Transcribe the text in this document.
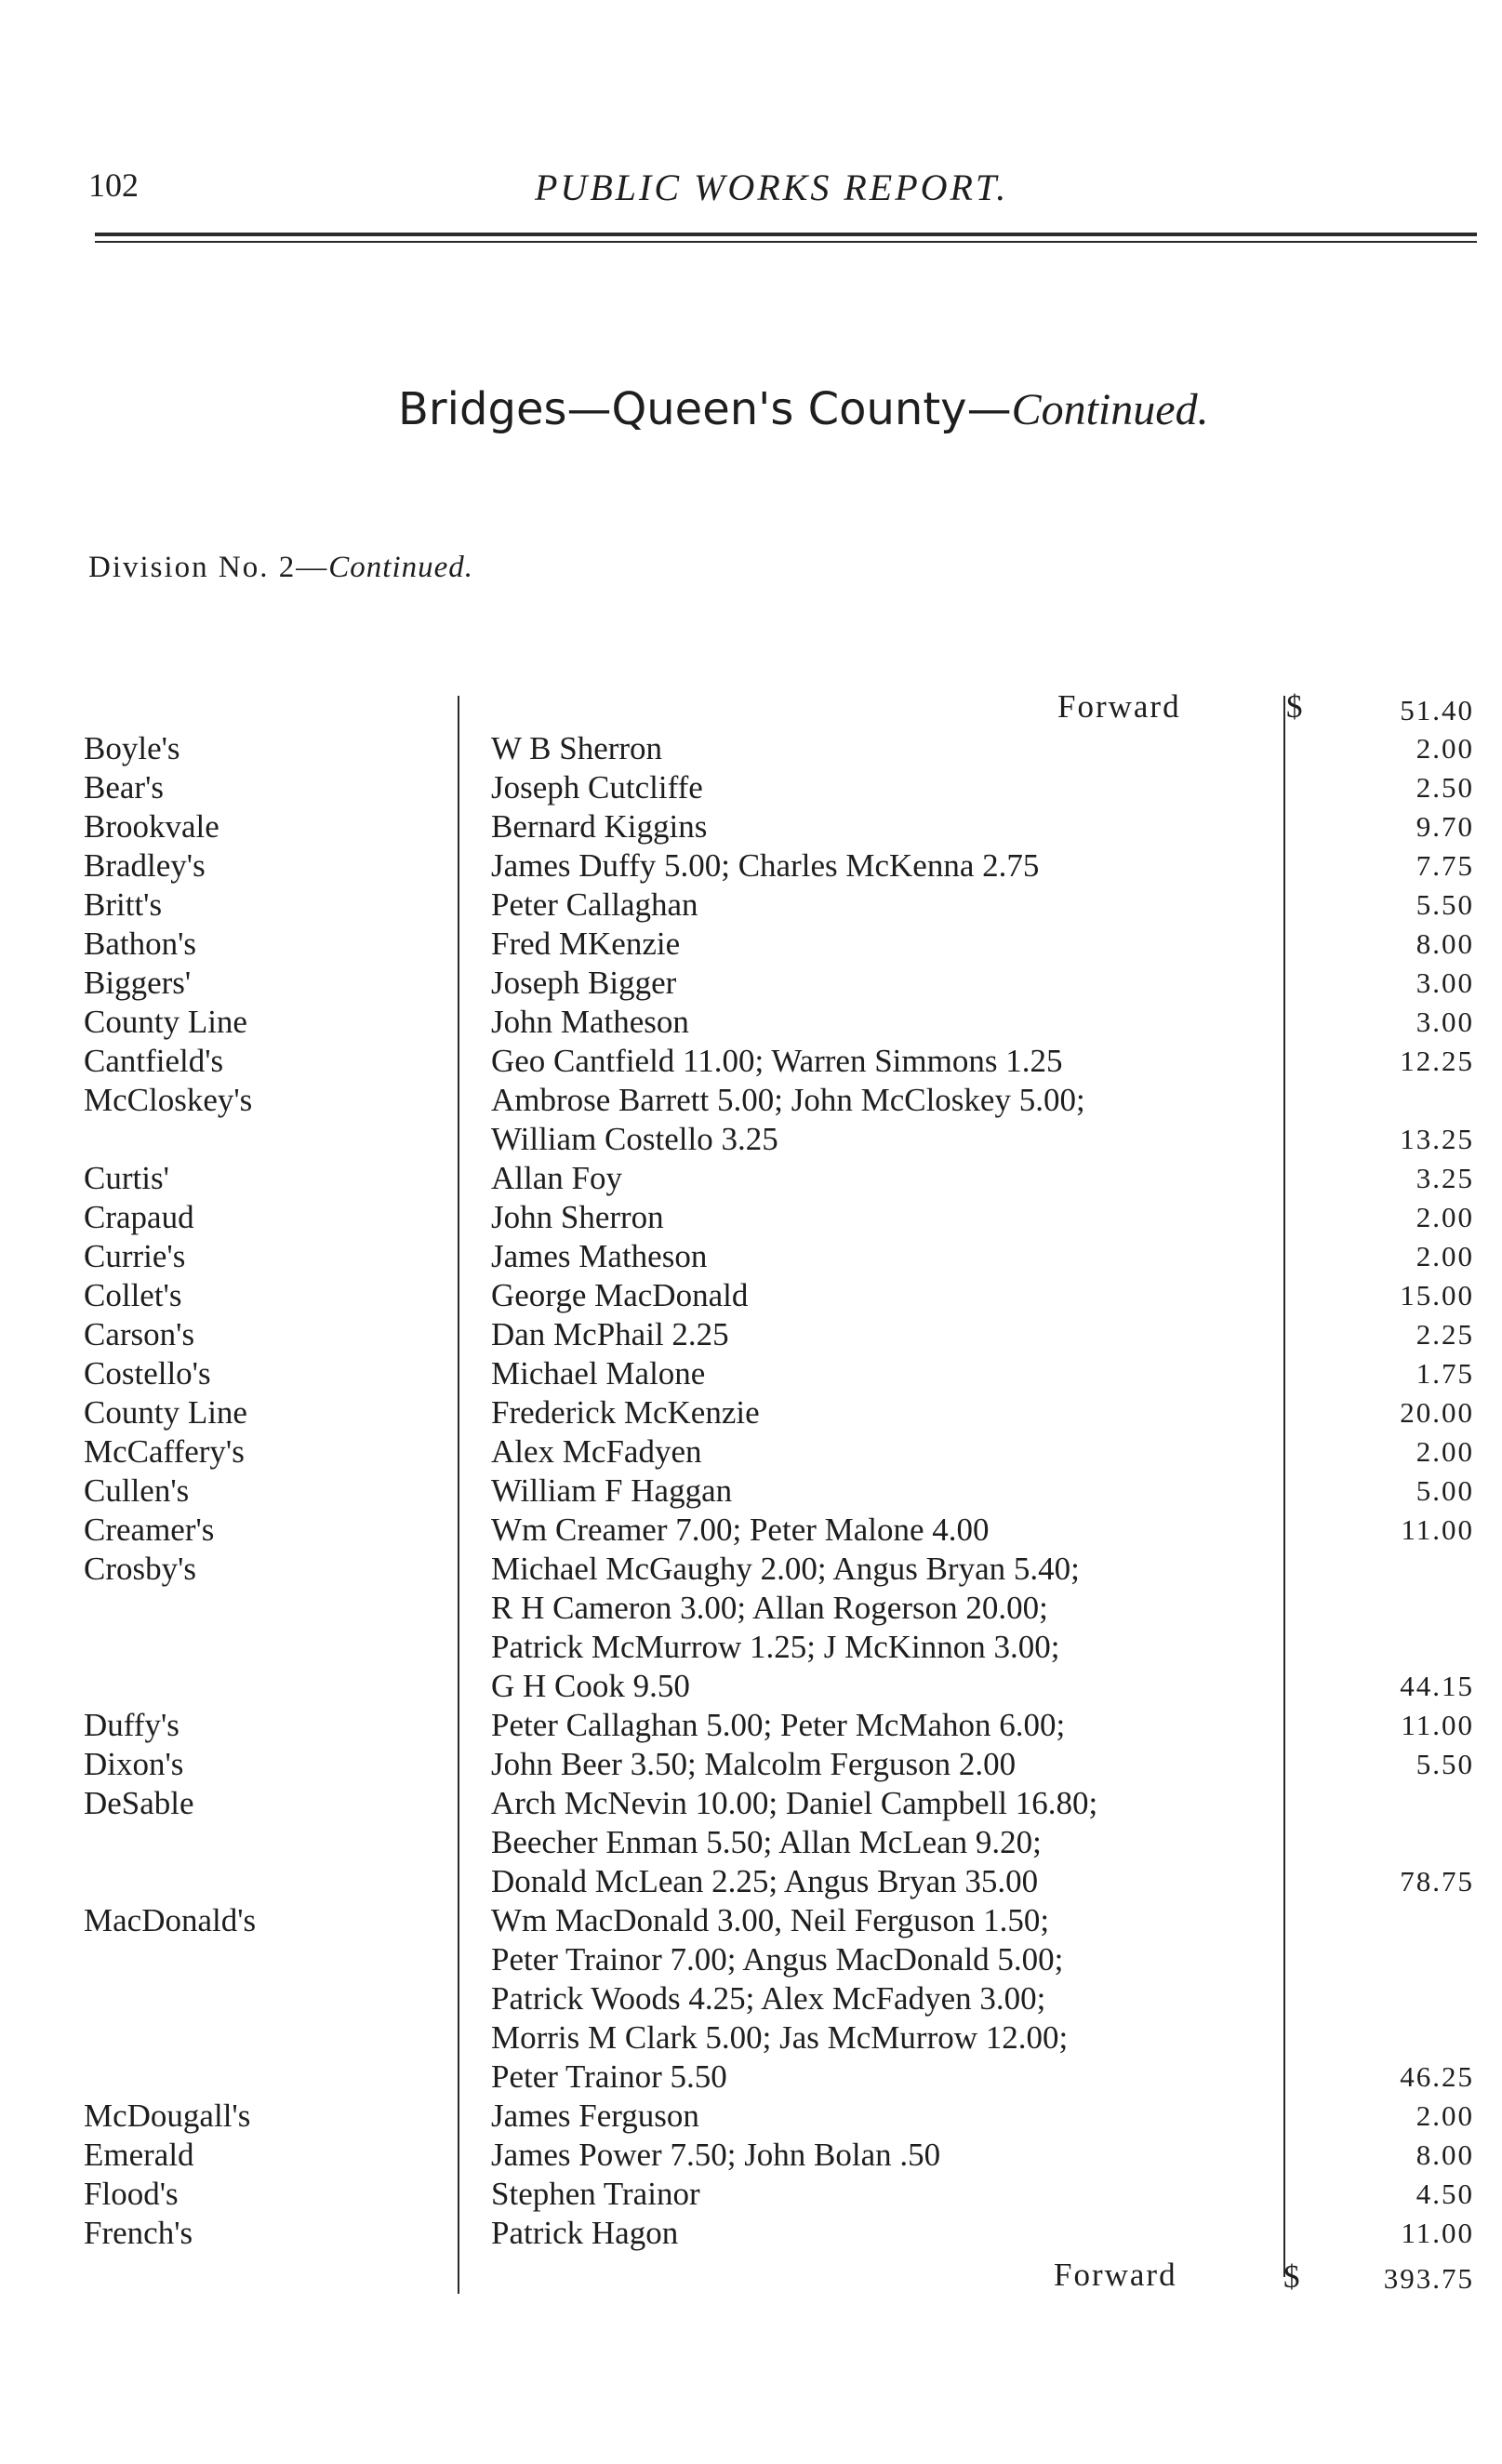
102	PUBLIC WORKS REPORT.
Bridges—Queen's County—Continued.
Division No. 2—Continued.
Forward	$	51.40
Boyle's	W B Sherron	2.00
Bear's	Joseph Cutcliffe	2.50
Brookvale	Bernard Kiggins	9.70
Bradley's	James Duffy 5.00; Charles McKenna 2.75	7.75
Britt's	Peter Callaghan	5.50
Bathon's	Fred MKenzie	8.00
Biggers'	Joseph Bigger	3.00
County Line	John Matheson	3.00
Cantfield's	Geo Cantfield 11.00; Warren Simmons 1.25	12.25
McCloskey's	Ambrose Barrett 5.00; John McCloskey 5.00;
William Costello 3.25	13.25
Curtis'	Allan Foy	3.25
Crapaud	John Sherron	2.00
Currie's	James Matheson	2.00
Collet's	George MacDonald	15.00
Carson's	Dan McPhail 2.25	2.25
Costello's	Michael Malone	1.75
County Line	Frederick McKenzie	20.00
McCaffery's	Alex McFadyen	2.00
Cullen's	William F Haggan	5.00
Creamer's	Wm Creamer 7.00; Peter Malone 4.00	11.00
Crosby's	Michael McGaughy 2.00; Angus Bryan 5.40;
R H Cameron 3.00; Allan Rogerson 20.00;
Patrick McMurrow 1.25; J McKinnon 3.00;
G H Cook 9.50	44.15
Duffy's	Peter Callaghan 5.00; Peter McMahon 6.00;	11.00
Dixon's	John Beer 3.50; Malcolm Ferguson 2.00	5.50
DeSable	Arch McNevin 10.00; Daniel Campbell 16.80;
Beecher Enman 5.50; Allan McLean 9.20;
Donald McLean 2.25; Angus Bryan 35.00	78.75
MacDonald's	Wm MacDonald 3.00, Neil Ferguson 1.50;
Peter Trainor 7.00; Angus MacDonald 5.00;
Patrick Woods 4.25; Alex McFadyen 3.00;
Morris M Clark 5.00; Jas McMurrow 12.00;
Peter Trainor 5.50	46.25
McDougall's	James Ferguson	2.00
Emerald	James Power 7.50; John Bolan .50	8.00
Flood's	Stephen Trainor	4.50
French's	Patrick Hagon	11.00
Forward	$	393.75
